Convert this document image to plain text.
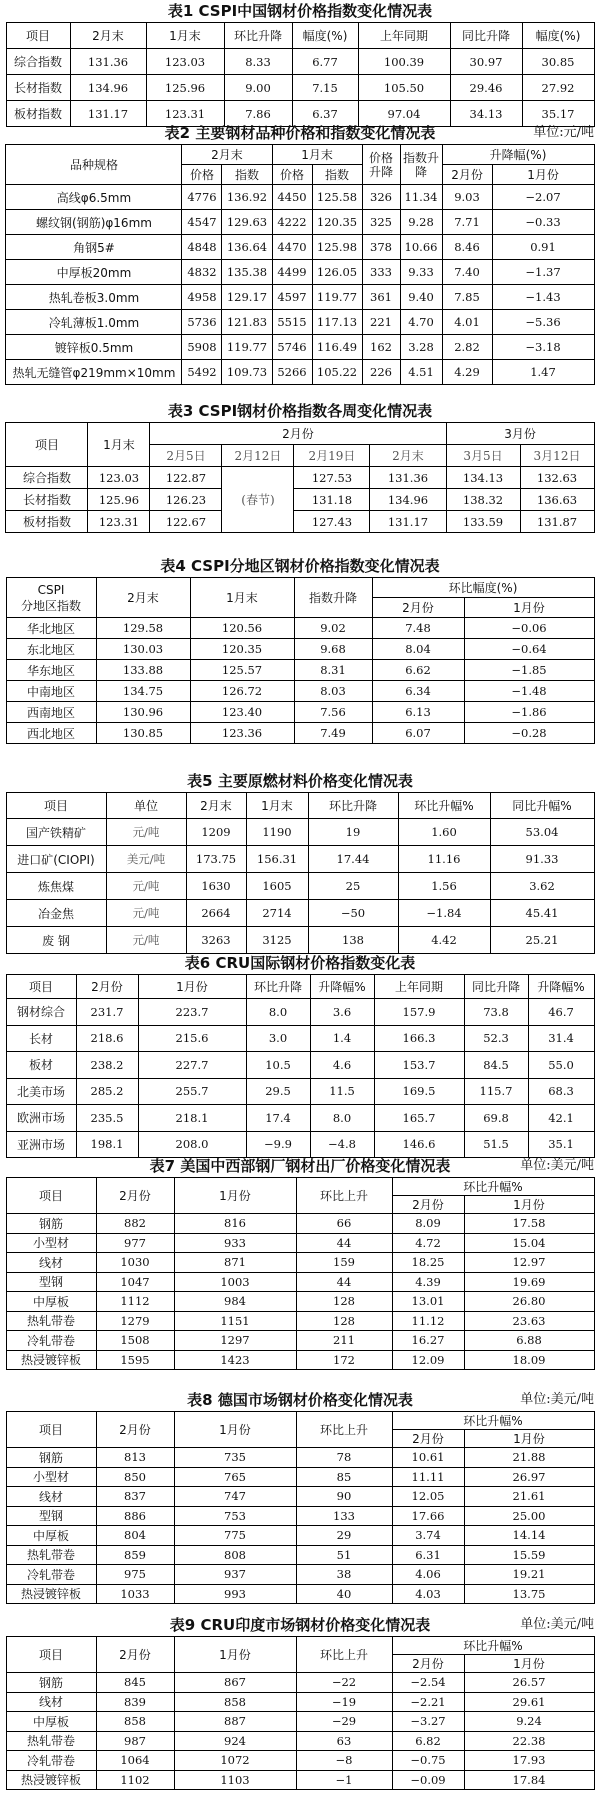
表1 CSPI中国钢材价格指数变化情况表
项目	2月末	1月末	环比升降	幅度(%)	上年同期	同比升降	幅度(%)
综合指数	131.36	123.03	8.33	6.77	100.39	30.97	30.85
长材指数	134.96	125.96	9.00	7.15	105.50	29.46	27.92
板材指数	131.17	123.31	7.86	6.37	97.04	34.13	35.17
表2 主要钢材品种价格和指数变化情况表	单位:元/吨
品种规格	2月末		1月末		价格升降	指数升降	升降幅(%)	
	价格	指数	价格	指数			2月份	1月份
高线φ6.5mm	4776	136.92	4450	125.58	326	11.34	9.03	−2.07
螺纹钢(钢筋)φ16mm	4547	129.63	4222	120.35	325	9.28	7.71	−0.33
角钢5#	4848	136.64	4470	125.98	378	10.66	8.46	0.91
中厚板20mm	4832	135.38	4499	126.05	333	9.33	7.40	−1.37
热轧卷板3.0mm	4958	129.17	4597	119.77	361	9.40	7.85	−1.43
冷轧薄板1.0mm	5736	121.83	5515	117.13	221	4.70	4.01	−5.36
镀锌板0.5mm	5908	119.77	5746	116.49	162	3.28	2.82	−3.18
热轧无缝管φ219mm×10mm	5492	109.73	5266	105.22	226	4.51	4.29	1.47
表3 CSPI钢材价格指数各周变化情况表
项目	1月末	2月份				3月份	
		2月5日	2月12日	2月19日	2月末	3月5日	3月12日
综合指数	123.03	122.87	(春节)	127.53	131.36	134.13	132.63
长材指数	125.96	126.23		131.18	134.96	138.32	136.63
板材指数	123.31	122.67		127.43	131.17	133.59	131.87
表4 CSPI分地区钢材价格指数变化情况表
CSPI
分地区指数	2月末	1月末	指数升降	环比幅度(%)	
				2月份	1月份
华北地区	129.58	120.56	9.02	7.48	−0.06
东北地区	130.03	120.35	9.68	8.04	−0.64
华东地区	133.88	125.57	8.31	6.62	−1.85
中南地区	134.75	126.72	8.03	6.34	−1.48
西南地区	130.96	123.40	7.56	6.13	−1.86
西北地区	130.85	123.36	7.49	6.07	−0.28
表5 主要原燃材料价格变化情况表
项目	单位	2月末	1月末	环比升降	环比升幅%	同比升幅%
国产铁精矿	元/吨	1209	1190	19	1.60	53.04
进口矿(CIOPI)	美元/吨	173.75	156.31	17.44	11.16	91.33
炼焦煤	元/吨	1630	1605	25	1.56	3.62
冶金焦	元/吨	2664	2714	−50	−1.84	45.41
废 钢	元/吨	3263	3125	138	4.42	25.21
表6 CRU国际钢材价格指数变化表
项目	2月份	1月份	环比升降	升降幅%	上年同期	同比升降	升降幅%
钢材综合	231.7	223.7	8.0	3.6	157.9	73.8	46.7
长材	218.6	215.6	3.0	1.4	166.3	52.3	31.4
板材	238.2	227.7	10.5	4.6	153.7	84.5	55.0
北美市场	285.2	255.7	29.5	11.5	169.5	115.7	68.3
欧洲市场	235.5	218.1	17.4	8.0	165.7	69.8	42.1
亚洲市场	198.1	208.0	−9.9	−4.8	146.6	51.5	35.1
表7 美国中西部钢厂钢材出厂价格变化情况表	单位:美元/吨
项目	2月份	1月份	环比上升	环比升幅%	
				2月份	1月份
钢筋	882	816	66	8.09	17.58
小型材	977	933	44	4.72	15.04
线材	1030	871	159	18.25	12.97
型钢	1047	1003	44	4.39	19.69
中厚板	1112	984	128	13.01	26.80
热轧带卷	1279	1151	128	11.12	23.63
冷轧带卷	1508	1297	211	16.27	6.88
热浸镀锌板	1595	1423	172	12.09	18.09
表8 德国市场钢材价格变化情况表	单位:美元/吨
项目	2月份	1月份	环比上升	环比升幅%	
				2月份	1月份
钢筋	813	735	78	10.61	21.88
小型材	850	765	85	11.11	26.97
线材	837	747	90	12.05	21.61
型钢	886	753	133	17.66	25.00
中厚板	804	775	29	3.74	14.14
热轧带卷	859	808	51	6.31	15.59
冷轧带卷	975	937	38	4.06	19.21
热浸镀锌板	1033	993	40	4.03	13.75
表9 CRU印度市场钢材价格变化情况表	单位:美元/吨
项目	2月份	1月份	环比上升	环比升幅%	
				2月份	1月份
钢筋	845	867	−22	−2.54	26.57
线材	839	858	−19	−2.21	29.61
中厚板	858	887	−29	−3.27	9.24
热轧带卷	987	924	63	6.82	22.38
冷轧带卷	1064	1072	−8	−0.75	17.93
热浸镀锌板	1102	1103	−1	−0.09	17.84
